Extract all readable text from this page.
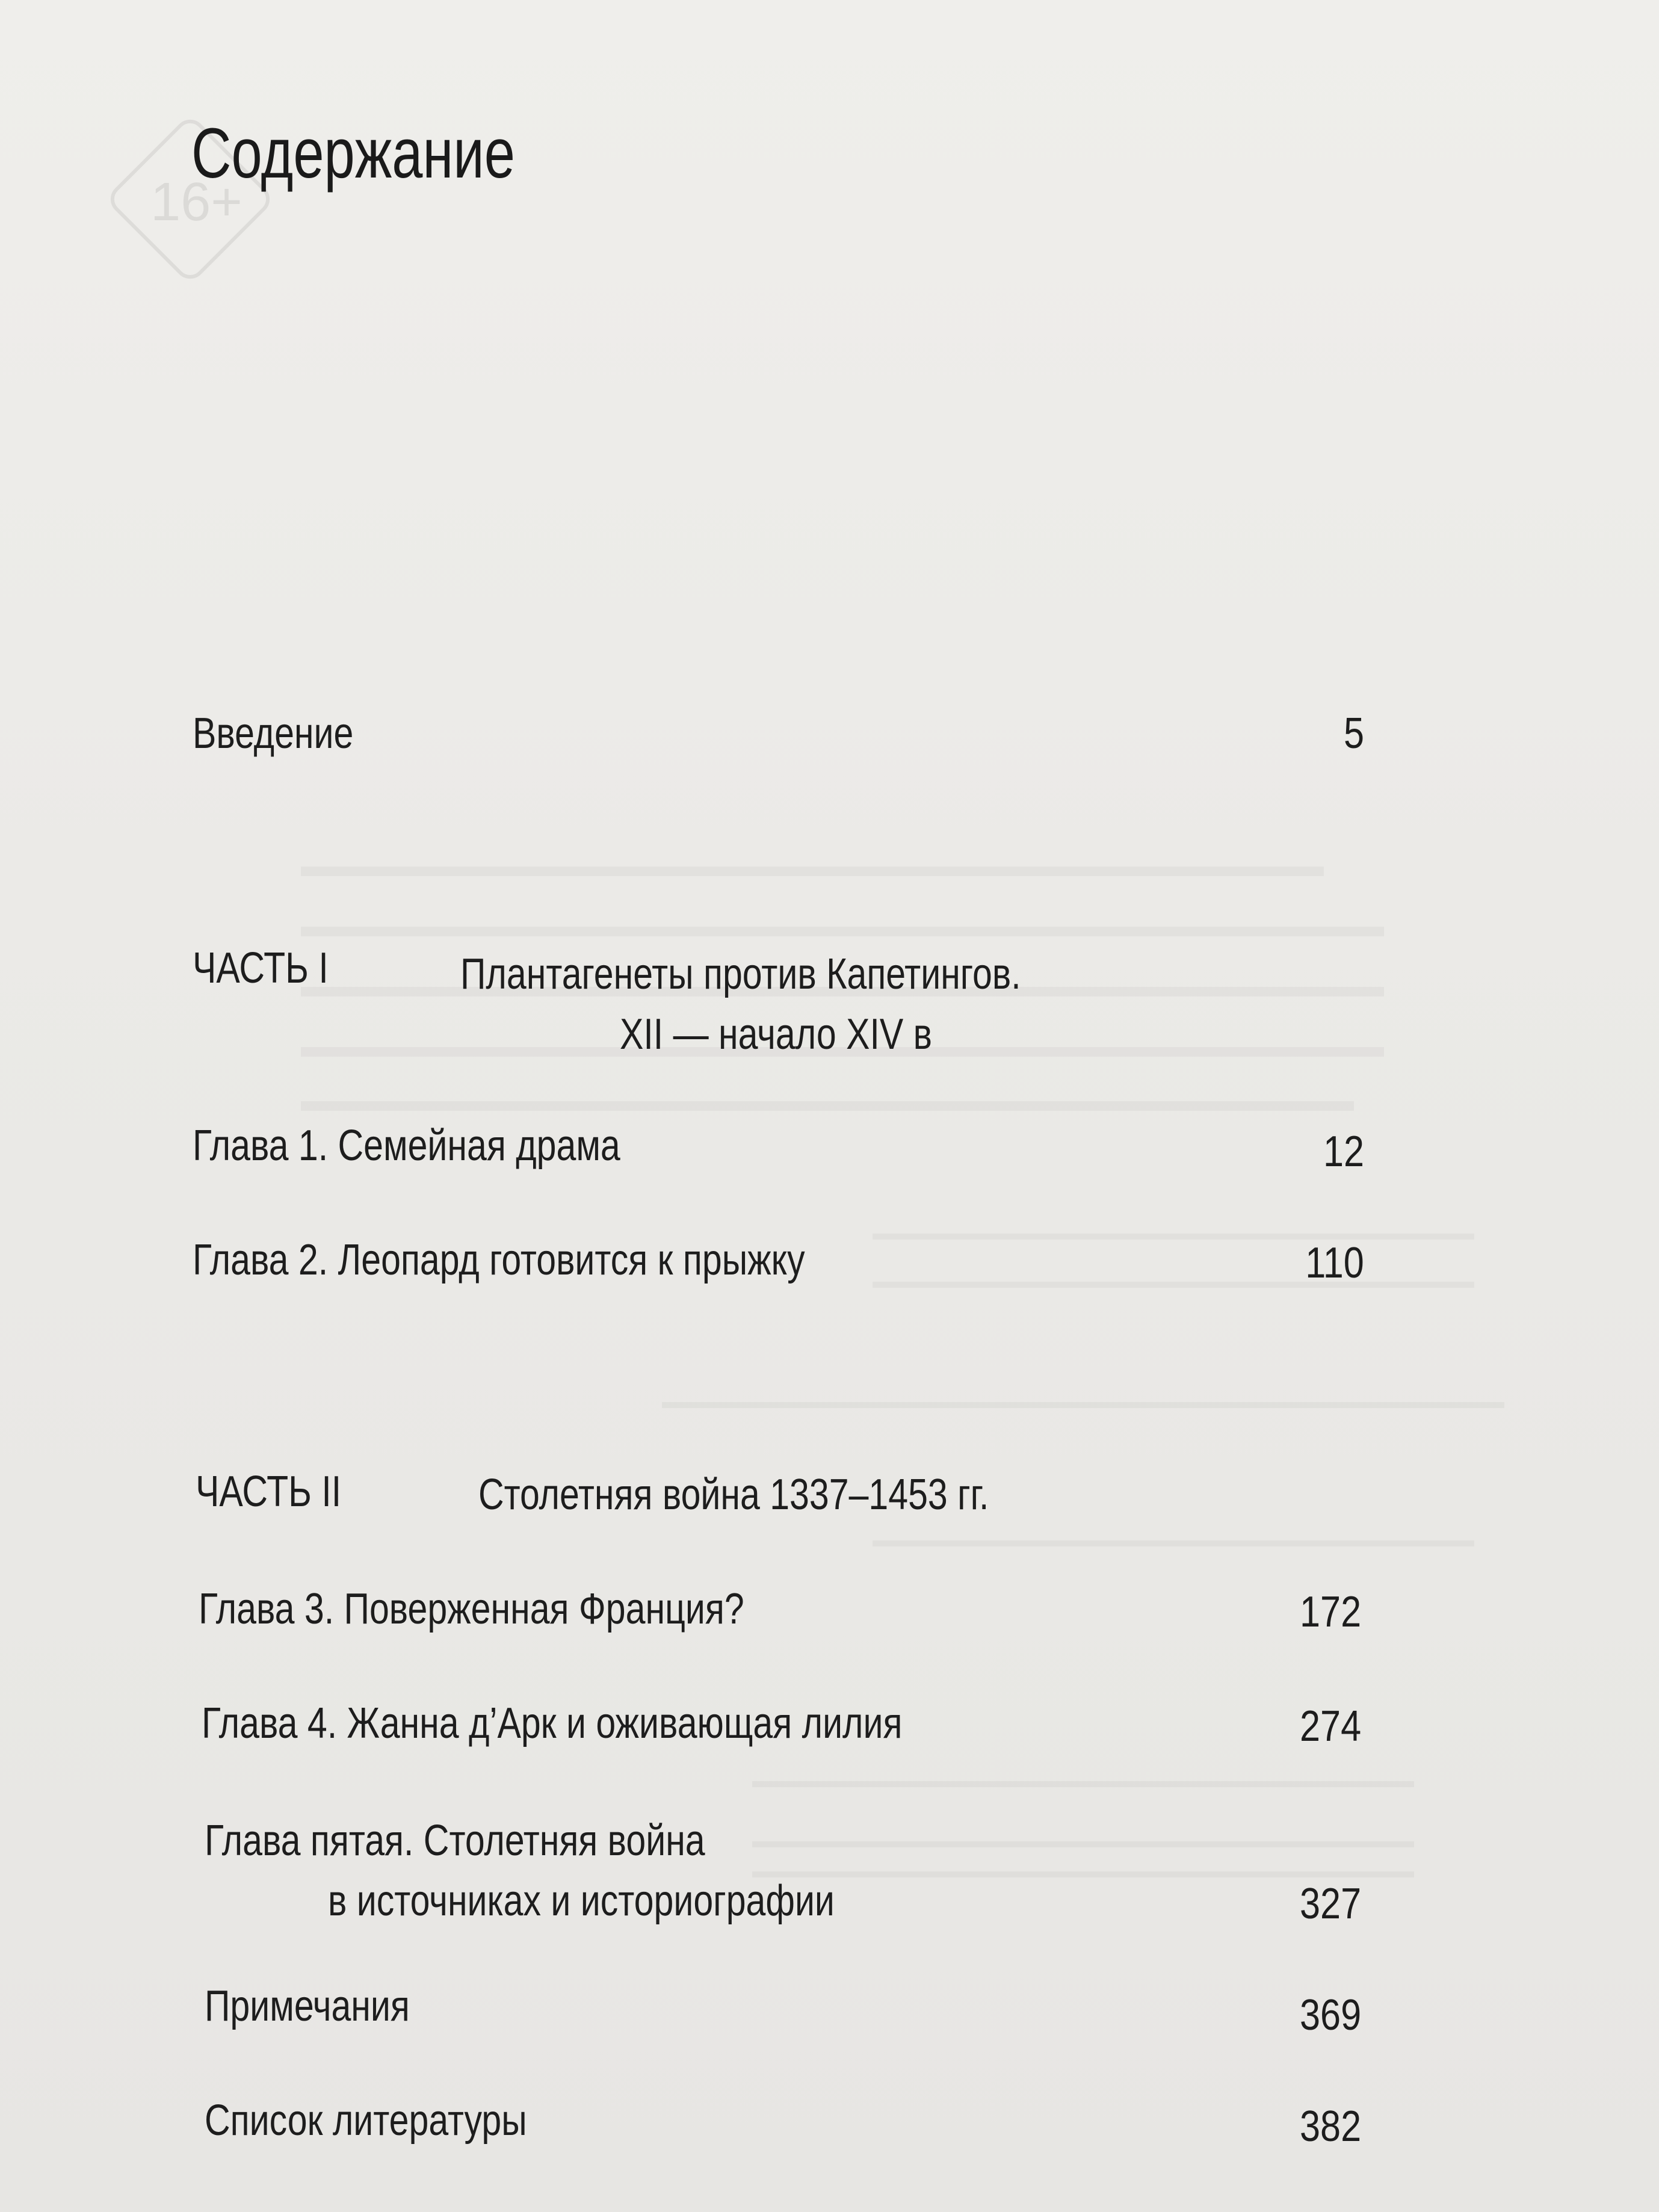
16+
Содержание
Введение	5
ЧАСТЬ I	Плантагенеты против Капетингов.
XII — начало XIV в
Глава 1. Семейная драма	12
Глава 2. Леопард готовится к прыжку	110
ЧАСТЬ II	Столетняя война 1337–1453 гг.
Глава 3. Поверженная Франция?	172
Глава 4. Жанна д’Арк и оживающая лилия	274
Глава пятая. Столетняя война
в источниках и историографии	327
Примечания	369
Список литературы	382
